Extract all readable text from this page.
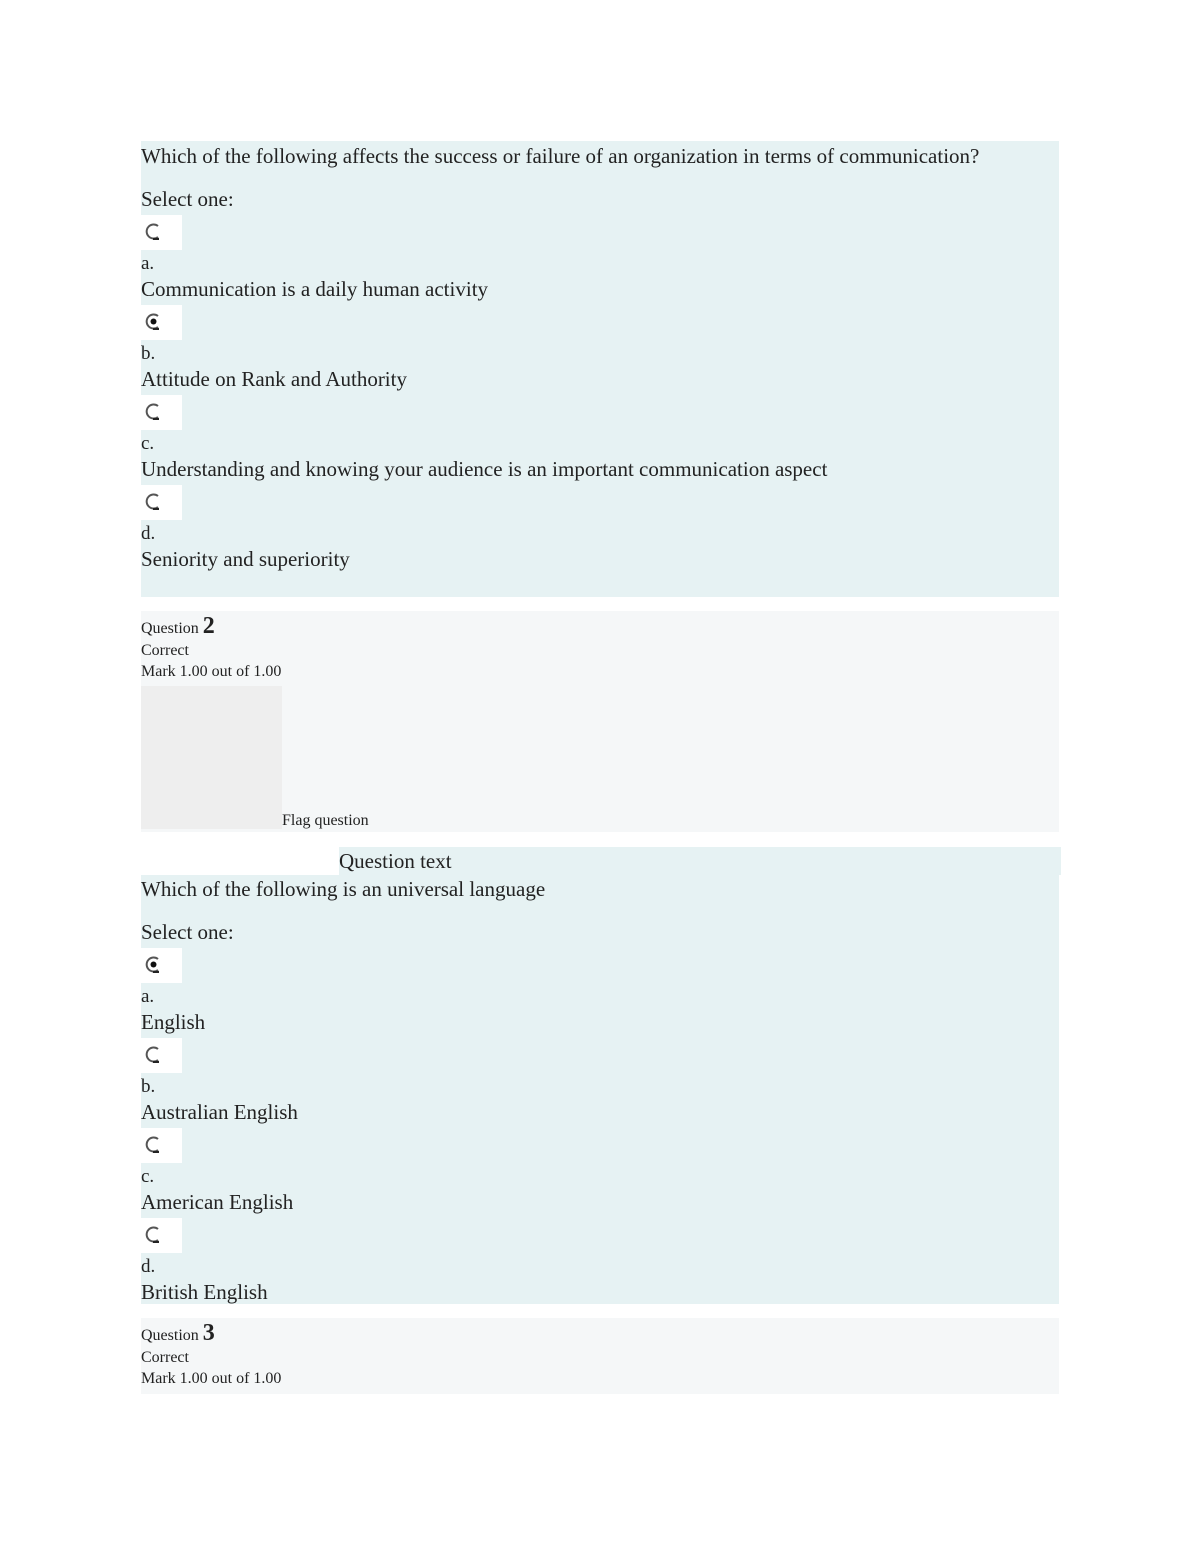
Which of the following affects the success or failure of an organization in terms of communication?

Select one:
a.
Communication is a daily human activity
b.
Attitude on Rank and Authority
c.
Understanding and knowing your audience is an important communication aspect
d.
Seniority and superiority
Question 2
Correct
Mark 1.00 out of 1.00
Flag question
Question text

Which of the following is an universal language

Select one:
a.
English
b.
Australian English
c.
American English
d.
British English
Question 3
Correct
Mark 1.00 out of 1.00
